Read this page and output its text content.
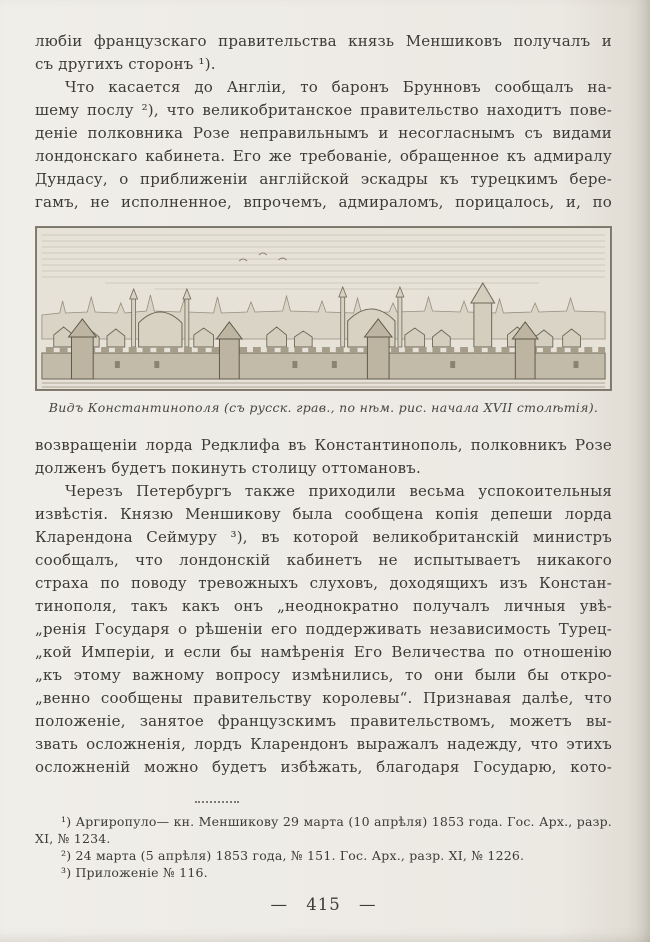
любіи французскаго правительства князь Меншиковъ получалъ и
съ другихъ сторонъ ¹).
Что касается до Англіи, то баронъ Брунновъ сообщалъ на-
шему послу ²), что великобританское правительство находитъ пове-
деніе полковника Розе неправильнымъ и несогласнымъ съ видами
лондонскаго кабинета. Его же требованіе, обращенное къ адмиралу
Дундасу, о приближеніи англійской эскадры къ турецкимъ бере-
гамъ, не исполненное, впрочемъ, адмираломъ, порицалось, и, по
Видъ Константинополя (съ русск. грав., по нѣм. рис. начала XVII столѣтія).
возвращеніи лорда Редклифа въ Константинополь, полковникъ Розе
долженъ будетъ покинуть столицу оттомановъ.
Черезъ Петербургъ также приходили весьма успокоительныя
извѣстія. Князю Меншикову была сообщена копія депеши лорда
Кларендона Сеймуру ³), въ которой великобританскій министръ
сообщалъ, что лондонскій кабинетъ не испытываетъ никакого
страха по поводу тревожныхъ слуховъ, доходящихъ изъ Констан-
тинополя, такъ какъ онъ „неоднократно получалъ личныя увѣ-
„ренія Государя о рѣшеніи его поддерживать независимость Турец-
„кой Имперіи, и если бы намѣренія Его Величества по отношенію
„къ этому важному вопросу измѣнились, то они были бы откро-
„венно сообщены правительству королевы“. Признавая далѣе, что
положеніе, занятое французскимъ правительствомъ, можетъ вы-
звать осложненія, лордъ Кларендонъ выражалъ надежду, что этихъ
осложненій можно будетъ избѣжать, благодаря Государю, кото-

¹) Аргиропуло— кн. Меншикову 29 марта (10 апрѣля) 1853 года. Гос. Арх., разр. XI, № 1234.

²) 24 марта (5 апрѣля) 1853 года, № 151. Гос. Арх., разр. XI, № 1226.

³) Приложеніе № 116.

— 415 —
